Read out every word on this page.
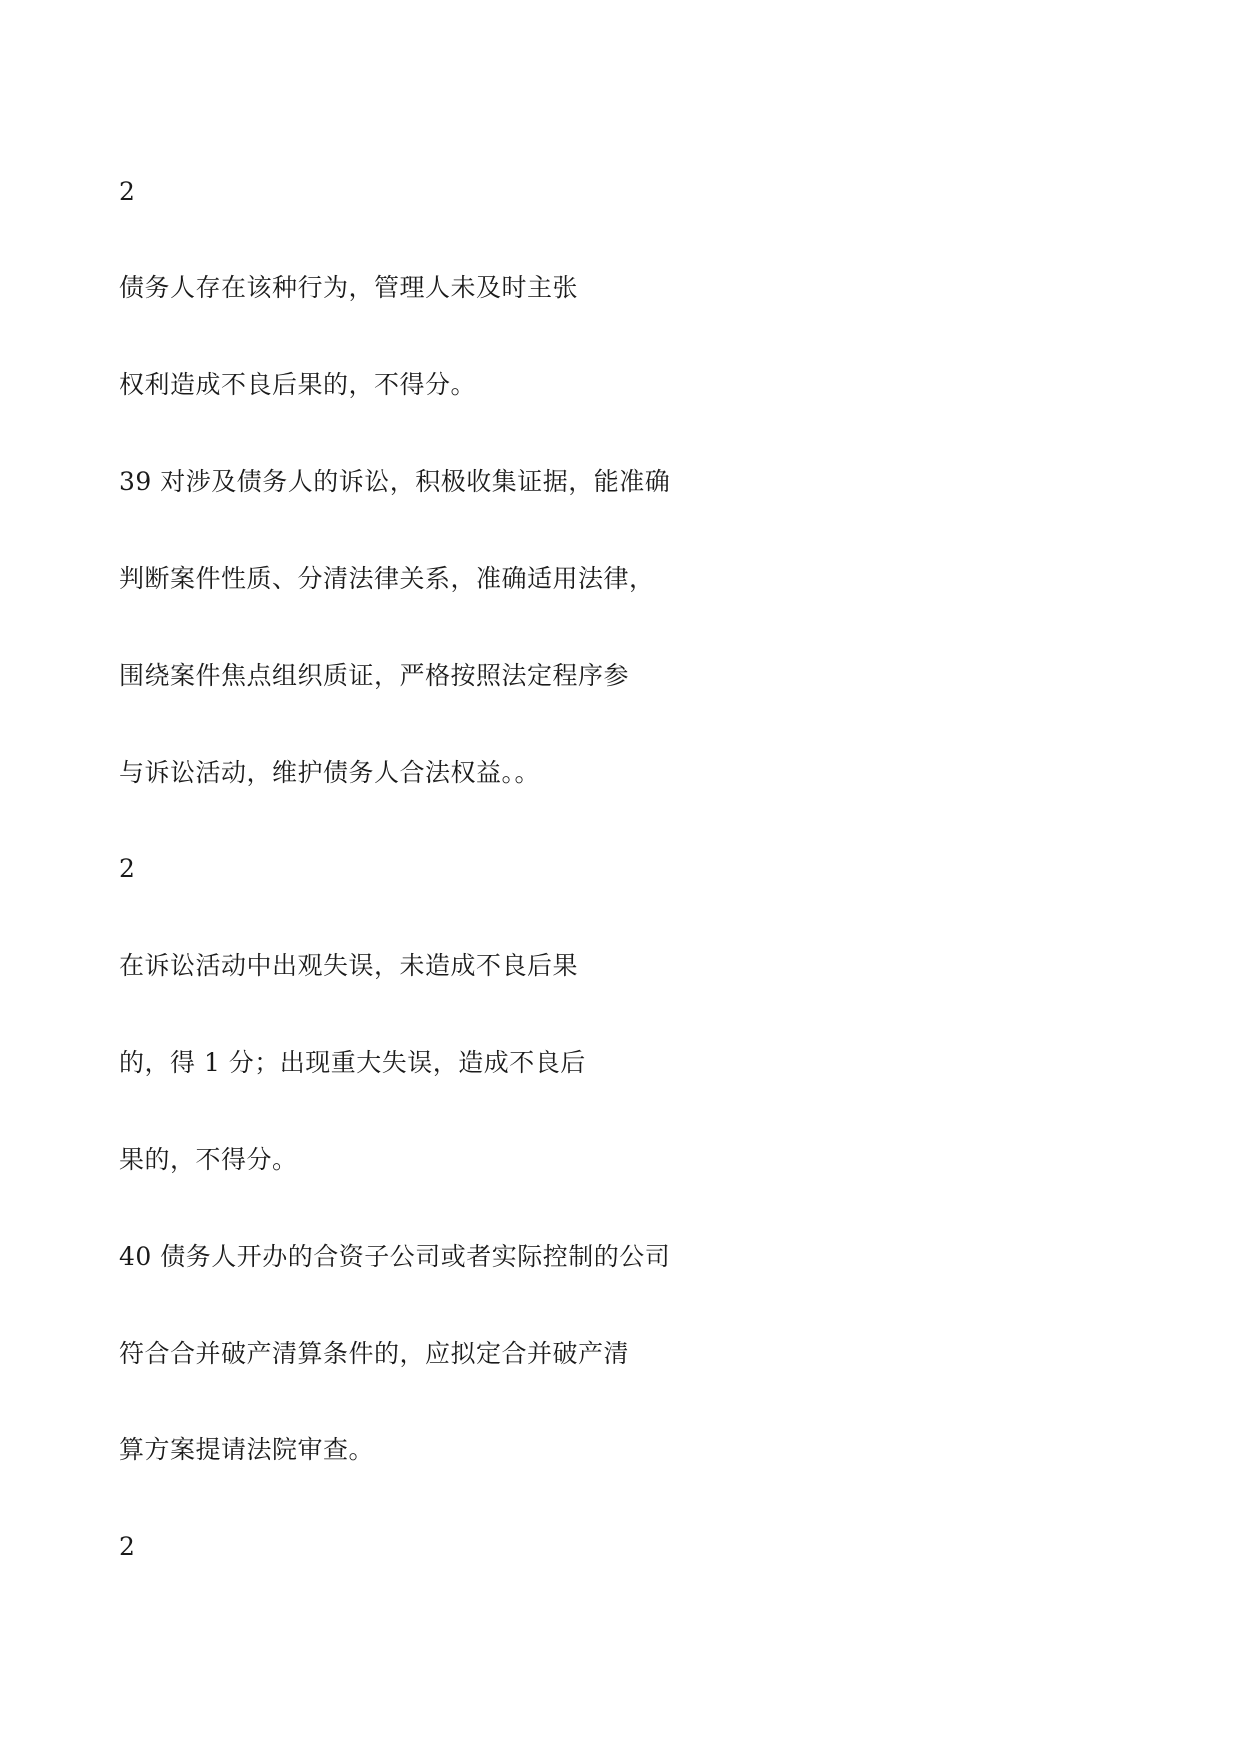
2
债务人存在该种行为，管理人未及时主张
权利造成不良后果的，不得分。
39 对涉及债务人的诉讼，积极收集证据，能准确
判断案件性质、分清法律关系，准确适用法律，
围绕案件焦点组织质证，严格按照法定程序参
与诉讼活动，维护债务人合法权益。。
2
在诉讼活动中出观失误，未造成不良后果
的，得 1 分；出现重大失误，造成不良后
果的，不得分。
40 债务人开办的合资子公司或者实际控制的公司
符合合并破产清算条件的，应拟定合并破产清
算方案提请法院审查。
2
